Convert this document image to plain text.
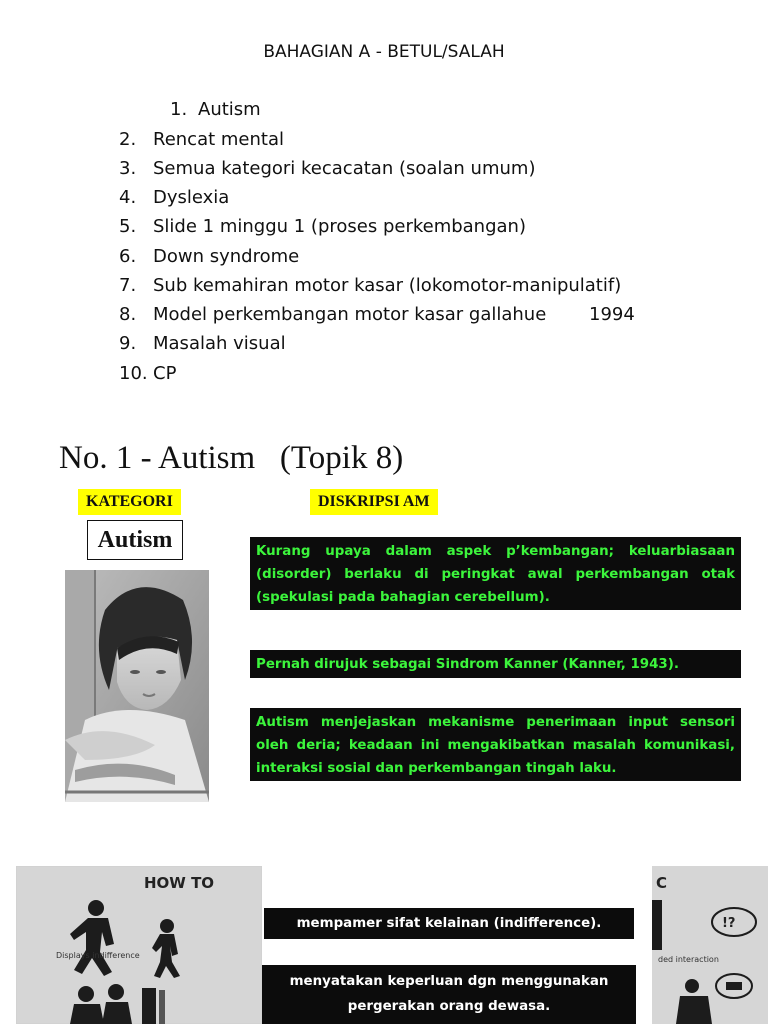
BAHAGIAN A - BETUL/SALAH
1. Autism
2. Rencat mental
3. Semua kategori kecacatan (soalan umum)
4. Dyslexia
5. Slide 1 minggu 1 (proses perkembangan)
6. Down syndrome
7. Sub kemahiran motor kasar (lokomotor-manipulatif)
8. Model perkembangan motor kasar gallahue 1994
9. Masalah visual
10. CP
No. 1 - Autism   (Topik 8)
KATEGORI	DISKRIPSI AM
Autism	Kurang upaya dalam aspek p’kembangan; keluarbiasaan (disorder) berlaku di peringkat awal perkembangan otak (spekulasi pada bahagian cerebellum).
Pernah dirujuk sebagai Sindrom Kanner (Kanner, 1943).
Autism menjejaskan mekanisme penerimaan input sensori oleh deria; keadaan ini mengakibatkan masalah komunikasi, interaksi sosial dan perkembangan tingah laku.
HOW TO
Displays indifference
C
!?
ded interaction
mempamer sifat kelainan (indifference).
menyatakan keperluan dgn menggunakan pergerakan orang dewasa.
